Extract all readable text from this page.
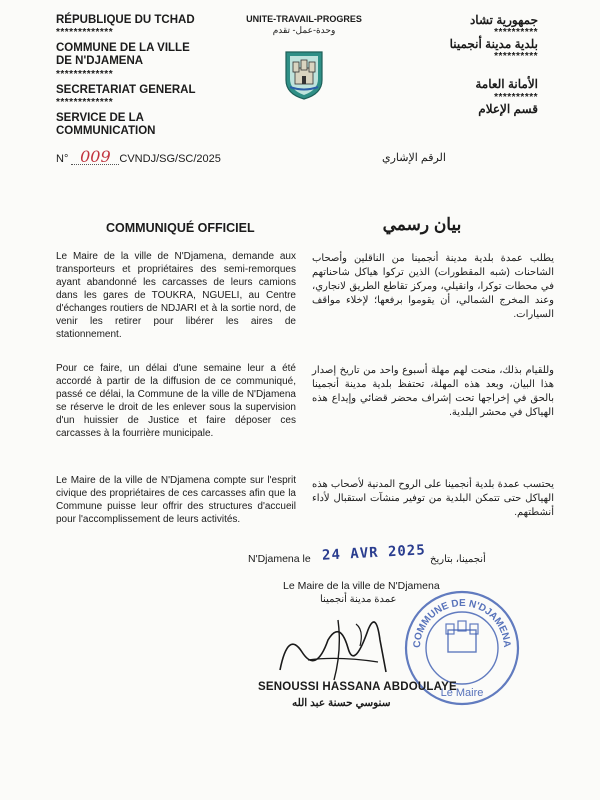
RÉPUBLIQUE DU TCHAD
*************
COMMUNE DE LA VILLE
DE N'DJAMENA
*************
SECRETARIAT GENERAL
*************
SERVICE DE LA
COMMUNICATION
UNITE-TRAVAIL-PROGRES
وحدة-عمل- تقدم
جمهورية تشاد
**********
بلدية مدينة أنجمينا
**********
الأمانة العامة
**********
قسم الإعلام
N° 009 CVNDJ/SG/SC/2025	الرقم الإشاري
COMMUNIQUÉ OFFICIEL	بيان رسمي
Le Maire de la ville de N'Djamena, demande aux transporteurs et propriétaires des semi-remorques ayant abandonné les carcasses de leurs camions dans les gares de TOUKRA, NGUELI, au Centre d'échanges routiers de NDJARI et à la sortie nord, de venir les retirer pour libérer les aires de stationnement.
Pour ce faire, un délai d'une semaine leur a été accordé à partir de la diffusion de ce communiqué, passé ce délai, la Commune de la ville de N'Djamena se réserve le droit de les enlever sous la supervision d'un huissier de Justice et faire déposer ces carcasses à la fourrière municipale.
Le Maire de la ville de N'Djamena compte sur l'esprit civique des propriétaires de ces carcasses afin que la Commune puisse leur offrir des structures d'accueil pour l'accomplissement de leurs activités.
يطلب عمدة بلدية مدينة أنجمينا من الناقلين وأصحاب الشاحنات (شبه المقطورات) الذين تركوا هياكل شاحناتهم في محطات توكرا، وانقيلي، ومركز تقاطع الطريق لانجاري، وعند المخرج الشمالي، أن يقوموا برفعها؛ لإخلاء مواقف السيارات.
وللقيام بذلك، منحت لهم مهلة أسبوع واحد من تاريخ إصدار هذا البيان، وبعد هذه المهلة، تحتفظ بلدية مدينة أنجمينا بالحق في إخراجها تحت إشراف محضر قضائي وإيداع هذه الهياكل في محشر البلدية.
يحتسب عمدة بلدية أنجمينا على الروح المدنية لأصحاب هذه الهياكل حتى تتمكن البلدية من توفير منشآت استقبال لأداء أنشطتهم.
N'Djamena le 24 AVR 2025 أنجمينا، بتاريخ
Le Maire de la ville de N'Djamena
عمدة مدينة أنجمينا
COMMUNE DE N'DJAMENA
Le Maire
SENOUSSI HASSANA ABDOULAYE
سنوسي حسنة عبد الله
